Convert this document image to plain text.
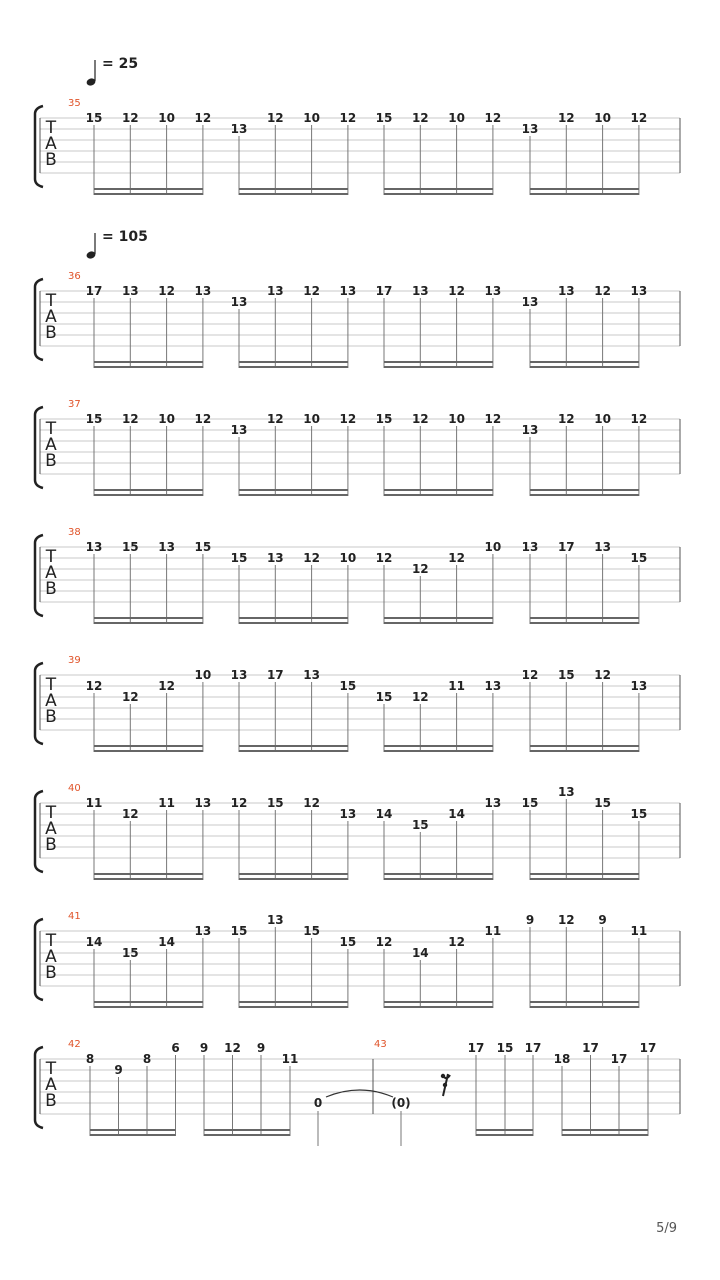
T
A
B
= 25
35
15 12 10 12
13
12 10 12 15 12 10 12
13
12 10 12
T
A
B
= 105
36
17 13 12 13
13
13 12 13 17 13 12 13
13
13 12 13
T
A
B
37
15 12 10 12
13
12 10 12 15 12 10 12
13
12 10 12
T
A
B
38
13 15 13 15
15 13 12 10 12
12
12
10 13 17 13
15
T
A
B
39
12
12
12
10 13 17 13
15
15 12
11 13
12 15 12
13
T
A
B
40
11
12
11 13 12 15 12
13 14
15
14
13 15
13
15
15
T
A
B
41
14
15
14
13 15
13
15
15 12
14
12
11
9 12 9
11
T
A
B
42
8
9
8
6 9 12 9
11
43
0	(0)
17 15 17
18
17
17
17
5/9
